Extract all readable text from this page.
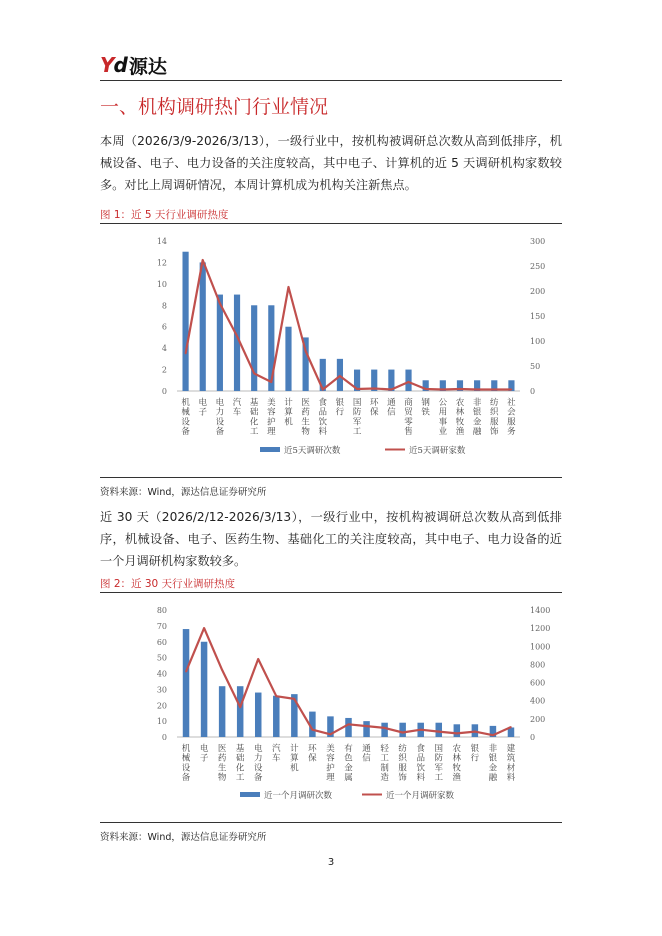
Yd 源达
一、机构调研热门行业情况
本周（2026/3/9-2026/3/13），一级行业中，按机构被调研总次数从高到低排序，机械设备、电子、电力设备的关注度较高，其中电子、计算机的近 5 天调研机构家数较多。对比上周调研情况，本周计算机成为机构关注新焦点。
图 1：近 5 天行业调研热度
0
2
4
6
8
10
12
14
0
50
100
150
200
250
300
机械设备
电子
电力设备
汽车
基础化工
美容护理
计算机
医药生物
食品饮料
银行
国防军工
环保
通信
商贸零售
钢铁
公用事业
农林牧渔
非银金融
纺织服饰
社会服务
近5天调研次数	近5天调研家数
资料来源：Wind，源达信息证券研究所
近 30 天（2026/2/12-2026/3/13），一级行业中，按机构被调研总次数从高到低排序，机械设备、电子、医药生物、基础化工的关注度较高，其中电子、电力设备的近一个月调研机构家数较多。
图 2：近 30 天行业调研热度
0
10
20
30
40
50
60
70
80
0
200
400
600
800
1000
1200
1400
机械设备
电子
医药生物
基础化工
电力设备
汽车
计算机
环保
美容护理
有色金属
通信
轻工制造
纺织服饰
食品饮料
国防军工
农林牧渔
银行
非银金融
建筑材料
近一个月调研次数	近一个月调研家数
资料来源：Wind，源达信息证券研究所
3
